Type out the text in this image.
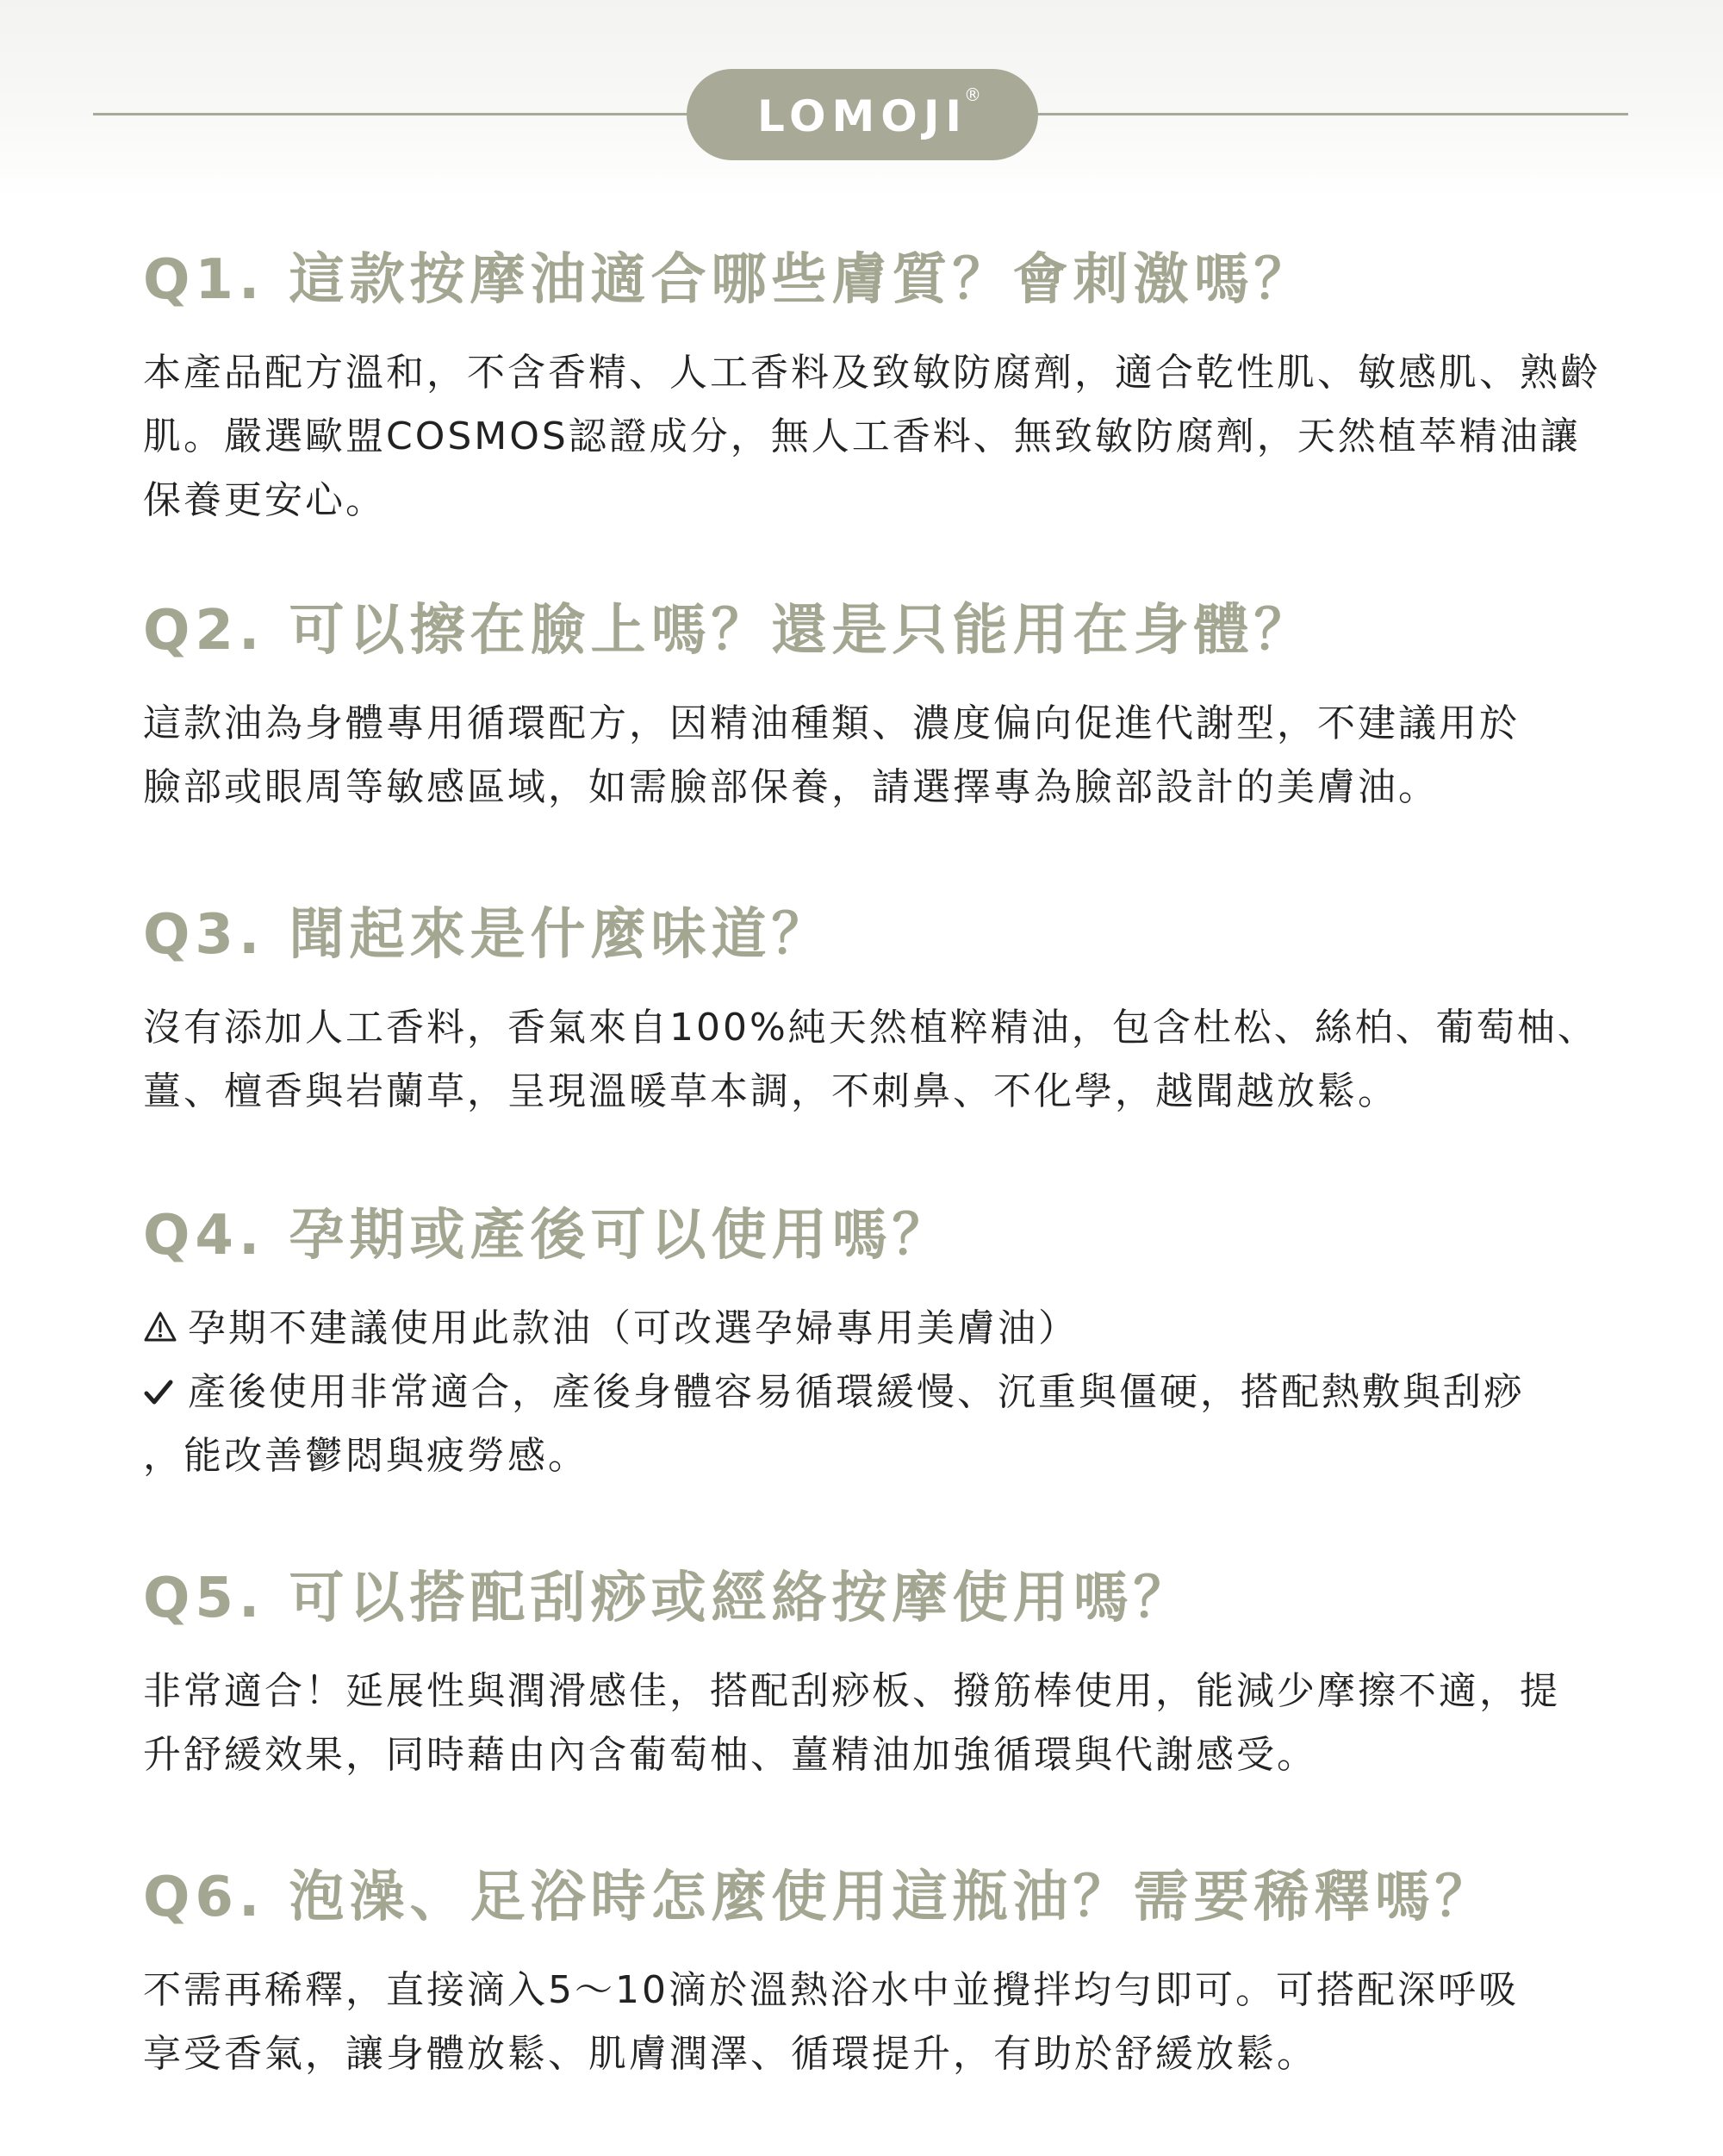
LOMOJI
®
Q1. 這款按摩油適合哪些膚質？會刺激嗎？
本產品配方溫和，不含香精、人工香料及致敏防腐劑，適合乾性肌、敏感肌、熟齡
肌。嚴選歐盟COSMOS認證成分，無人工香料、無致敏防腐劑，天然植萃精油讓
保養更安心。
Q2. 可以擦在臉上嗎？還是只能用在身體？
這款油為身體專用循環配方，因精油種類、濃度偏向促進代謝型，不建議用於
臉部或眼周等敏感區域，如需臉部保養，請選擇專為臉部設計的美膚油。
Q3. 聞起來是什麼味道？
沒有添加人工香料，香氣來自100%純天然植粹精油，包含杜松、絲柏、葡萄柚、
薑、檀香與岩蘭草，呈現溫暖草本調，不刺鼻、不化學，越聞越放鬆。
Q4. 孕期或產後可以使用嗎？
孕期不建議使用此款油（可改選孕婦專用美膚油）
產後使用非常適合，產後身體容易循環緩慢、沉重與僵硬，搭配熱敷與刮痧
，能改善鬱悶與疲勞感。
Q5. 可以搭配刮痧或經絡按摩使用嗎？
非常適合！延展性與潤滑感佳，搭配刮痧板、撥筋棒使用，能減少摩擦不適，提
升舒緩效果，同時藉由內含葡萄柚、薑精油加強循環與代謝感受。
Q6. 泡澡、足浴時怎麼使用這瓶油？需要稀釋嗎？
不需再稀釋，直接滴入5～10滴於溫熱浴水中並攪拌均勻即可。可搭配深呼吸
享受香氣，讓身體放鬆、肌膚潤澤、循環提升，有助於舒緩放鬆。
